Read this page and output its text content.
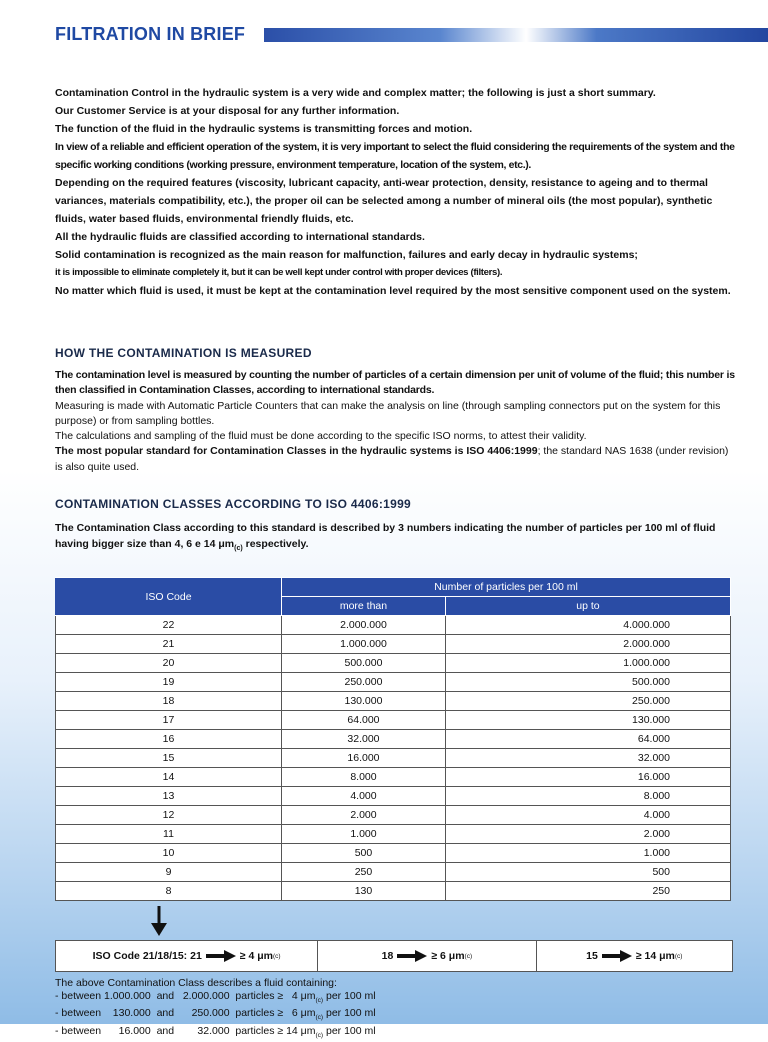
FILTRATION IN BRIEF

Contamination Control in the hydraulic system is a very wide and complex matter; the following is just a short summary.

Our Customer Service is at your disposal for any further information.

The function of the fluid in the hydraulic systems is transmitting forces and motion.

In view of a reliable and efficient operation of the system, it is very important to select the fluid considering the requirements of the system and the specific working conditions (working pressure, environment temperature, location of the system, etc.).

Depending on the required features (viscosity, lubricant capacity, anti-wear protection, density, resistance to ageing and to thermal variances, materials compatibility, etc.), the proper oil can be selected among a number of mineral oils (the most popular), synthetic fluids, water based fluids, environmental friendly fluids, etc.

All the hydraulic fluids are classified according to international standards.

Solid contamination is recognized as the main reason for malfunction, failures and early decay in hydraulic systems;

it is impossible to eliminate completely it, but it can be well kept under control with proper devices (filters).

No matter which fluid is used, it must be kept at the contamination level required by the most sensitive component used on the system.

HOW THE CONTAMINATION IS MEASURED

The contamination level is measured by counting the number of particles of a certain dimension per unit of volume of the fluid; this number is then classified in Contamination Classes, according to international standards.

Measuring is made with Automatic Particle Counters that can make the analysis on line (through sampling connectors put on the system for this purpose) or from sampling bottles.

The calculations and sampling of the fluid must be done according to the specific ISO norms, to attest their validity.

The most popular standard for Contamination Classes in the hydraulic systems is ISO 4406:1999; the standard NAS 1638 (under revision) is also quite used.

CONTAMINATION CLASSES ACCORDING TO ISO 4406:1999
The Contamination Class according to this standard is described by 3 numbers indicating the number of particles per 100 ml of fluid having bigger size than 4, 6 e 14 $\mu m_{(c)}$ respectively.
ISO Code	Number of particles per 100 ml	
	more than	up to
22	2.000.000	4.000.000
21	1.000.000	2.000.000
20	500.000	1.000.000
19	250.000	500.000
18	130.000	250.000
17	64.000	130.000
16	32.000	64.000
15	16.000	32.000
14	8.000	16.000
13	4.000	8.000
12	2.000	4.000
11	1.000	2.000
10	500	1.000
9	250	500
8	130	250
ISO Code 21/18/15: 21	≥ 4 μm (c)	18	≥ 6 μm (c)	15	≥ 14 μm (c)

The above Contamination Class describes a fluid containing:

- between 1.000.000  and   2.000.000  particles ≥   4 $\mu m_{(c)}$ per 100 ml

- between    130.000  and      250.000  particles ≥   6 $\mu m_{(c)}$ per 100 ml

- between      16.000  and        32.000  particles ≥ 14 $\mu m_{(c)}$ per 100 ml
